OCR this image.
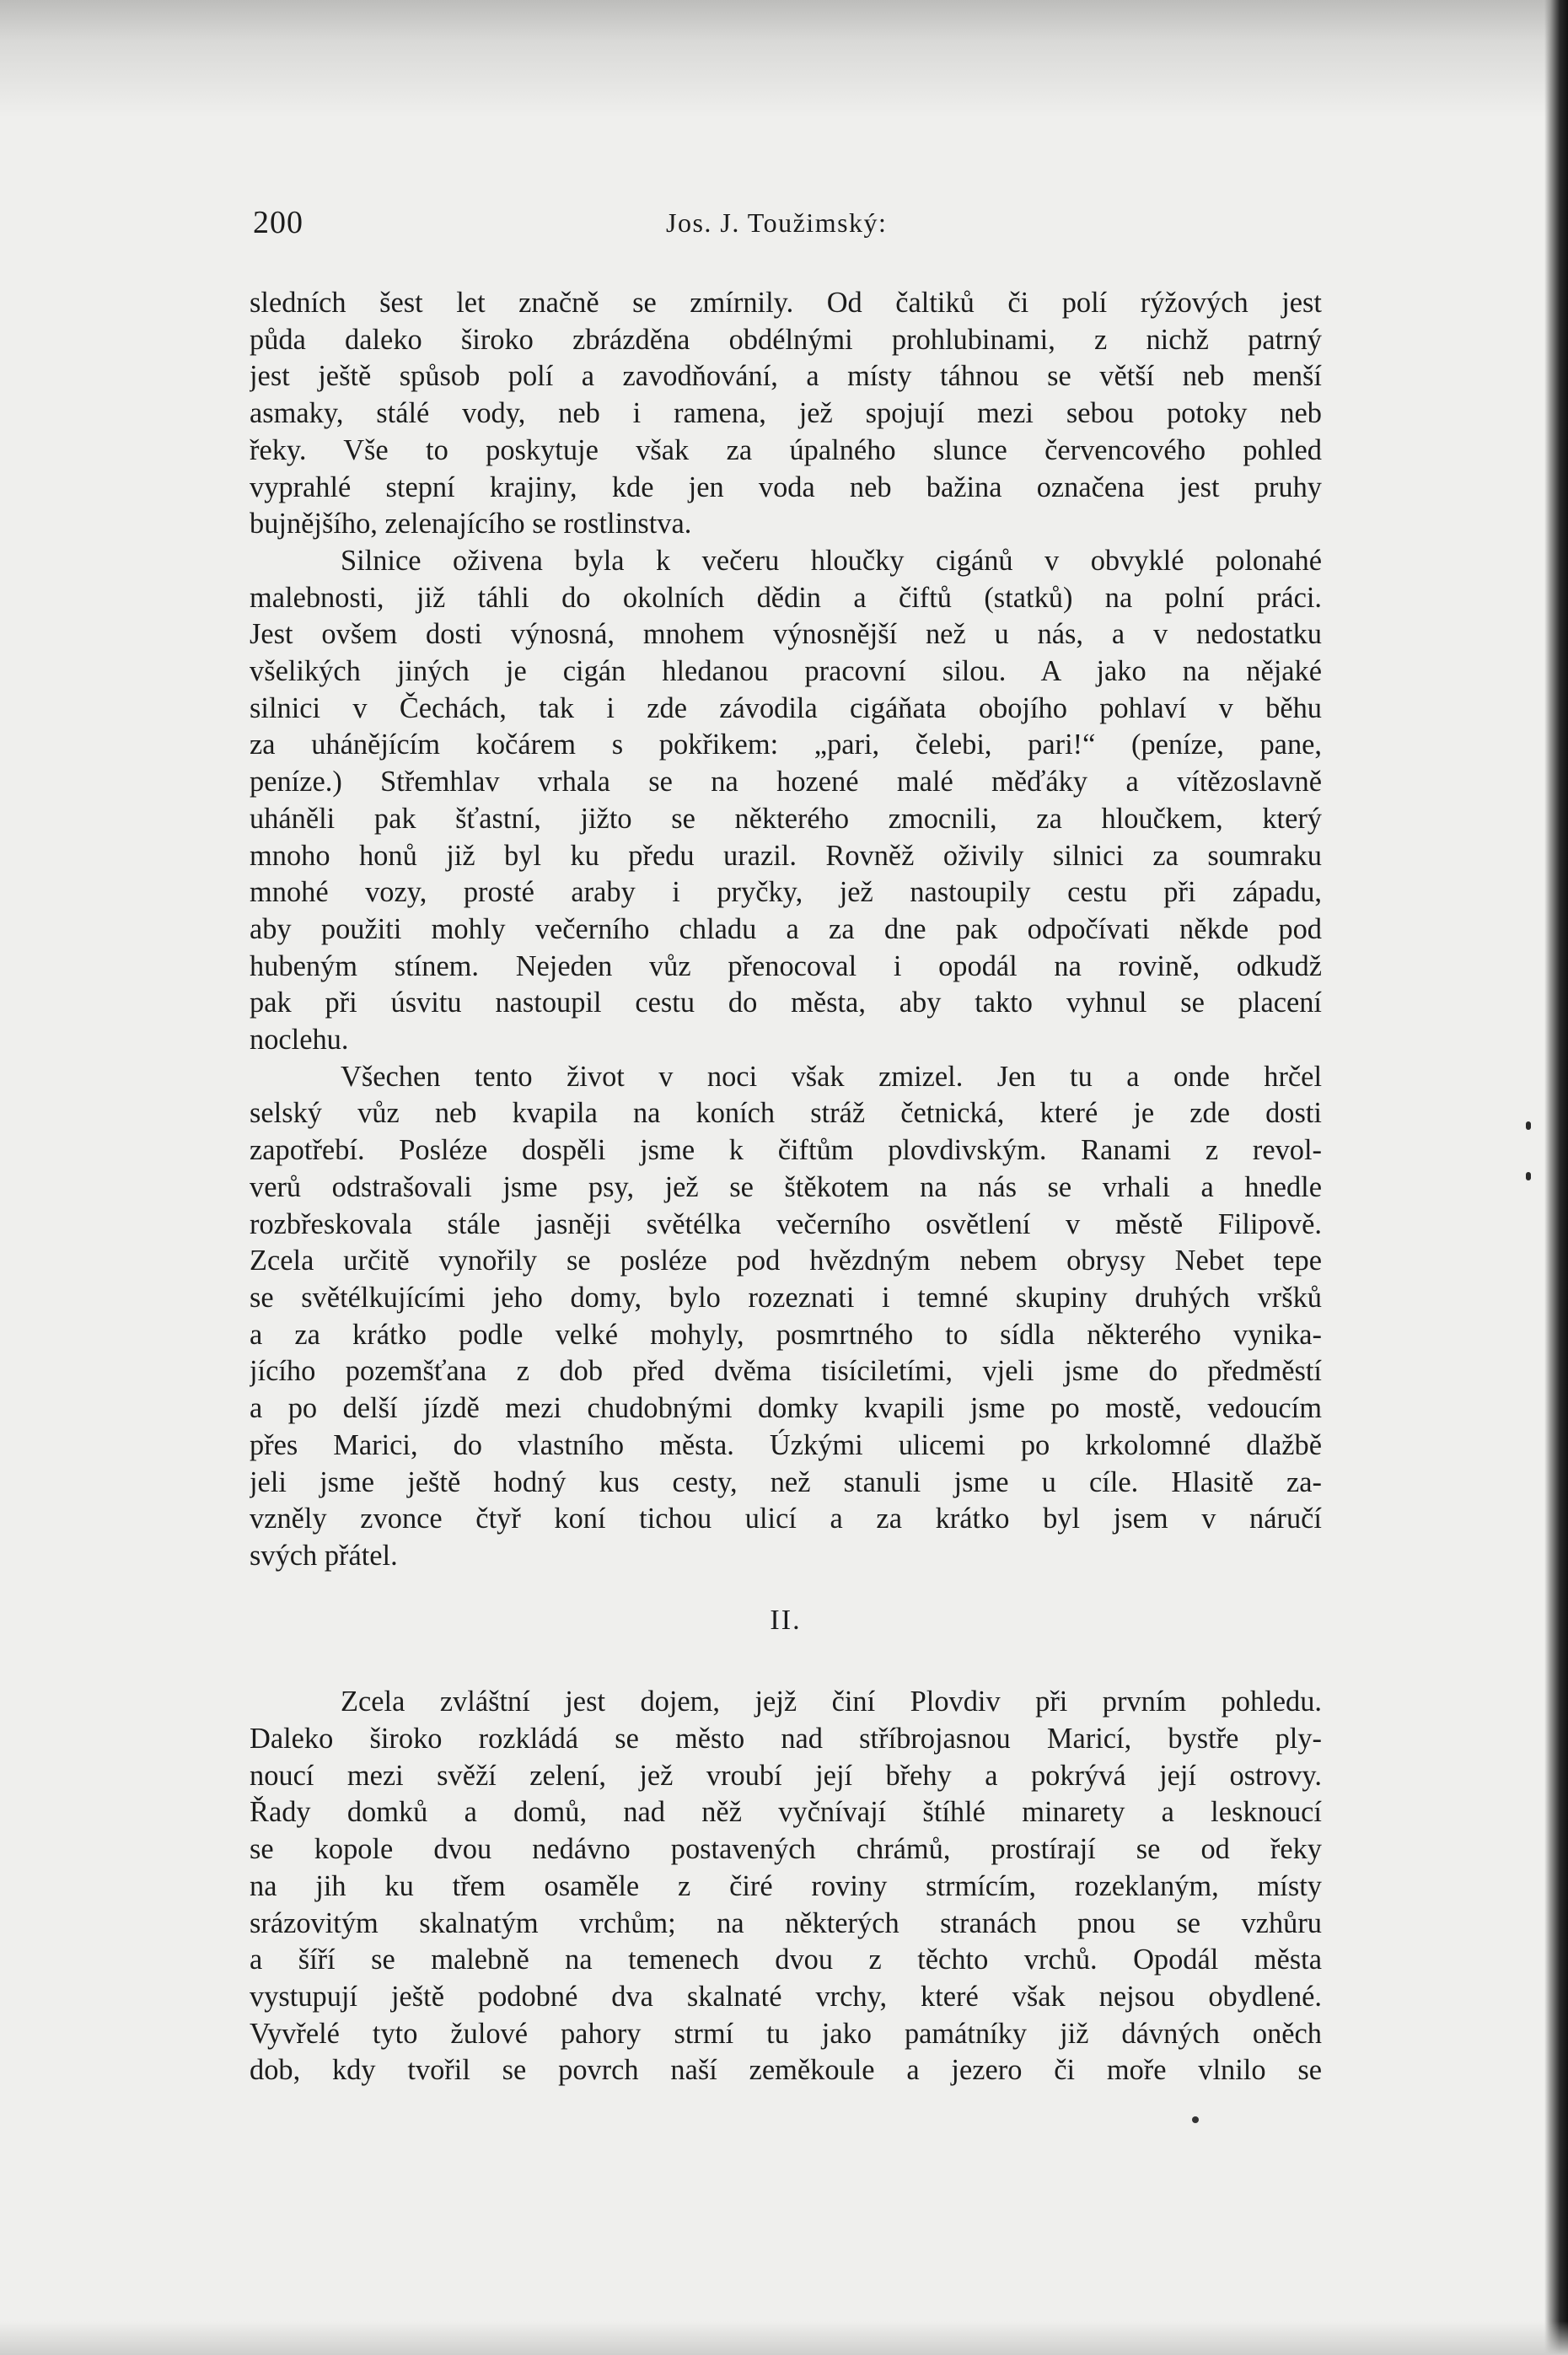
200	Jos. J. Toužimský:
sledních šest let značně se zmírnily. Od čaltiků či polí rýžových jest
půda daleko široko zbrázděna obdélnými prohlubinami, z nichž patrný
jest ještě spůsob polí a zavodňování, a místy táhnou se větší neb menší
asmaky, stálé vody, neb i ramena, jež spojují mezi sebou potoky neb
řeky. Vše to poskytuje však za úpalného slunce červencového pohled
vyprahlé stepní krajiny, kde jen voda neb bažina označena jest pruhy
bujnějšího, zelenajícího se rostlinstva.
Silnice oživena byla k večeru hloučky cigánů v obvyklé polonahé
malebnosti, již táhli do okolních dědin a čiftů (statků) na polní práci.
Jest ovšem dosti výnosná, mnohem výnosnější než u nás, a v nedostatku
všelikých jiných je cigán hledanou pracovní silou. A jako na nějaké
silnici v Čechách, tak i zde závodila cigáňata obojího pohlaví v běhu
za uhánějícím kočárem s pokřikem: „pari, čelebi, pari!“ (peníze, pane,
peníze.) Střemhlav vrhala se na hozené malé měďáky a vítězoslavně
uháněli pak šťastní, jižto se některého zmocnili, za hloučkem, který
mnoho honů již byl ku předu urazil. Rovněž oživily silnici za soumraku
mnohé vozy, prosté araby i pryčky, jež nastoupily cestu při západu,
aby použiti mohly večerního chladu a za dne pak odpočívati někde pod
hubeným stínem. Nejeden vůz přenocoval i opodál na rovině, odkudž
pak při úsvitu nastoupil cestu do města, aby takto vyhnul se placení
noclehu.
Všechen tento život v noci však zmizel. Jen tu a onde hrčel
selský vůz neb kvapila na koních stráž četnická, které je zde dosti
zapotřebí. Posléze dospěli jsme k čiftům plovdivským. Ranami z revol-
verů odstrašovali jsme psy, jež se štěkotem na nás se vrhali a hnedle
rozbřeskovala stále jasněji světélka večerního osvětlení v městě Filipově.
Zcela určitě vynořily se posléze pod hvězdným nebem obrysy Nebet tepe
se světélkujícími jeho domy, bylo rozeznati i temné skupiny druhých vršků
a za krátko podle velké mohyly, posmrtného to sídla některého vynika-
jícího pozemšťana z dob před dvěma tisíciletími, vjeli jsme do předměstí
a po delší jízdě mezi chudobnými domky kvapili jsme po mostě, vedoucím
přes Marici, do vlastního města. Úzkými ulicemi po krkolomné dlažbě
jeli jsme ještě hodný kus cesty, než stanuli jsme u cíle. Hlasitě za-
vzněly zvonce čtyř koní tichou ulicí a za krátko byl jsem v náručí
svých přátel.
II.
Zcela zvláštní jest dojem, jejž činí Plovdiv při prvním pohledu.
Daleko široko rozkládá se město nad stříbrojasnou Maricí, bystře ply-
noucí mezi svěží zelení, jež vroubí její břehy a pokrývá její ostrovy.
Řady domků a domů, nad něž vyčnívají štíhlé minarety a lesknoucí
se kopole dvou nedávno postavených chrámů, prostírají se od řeky
na jih ku třem osaměle z čiré roviny strmícím, rozeklaným, místy
srázovitým skalnatým vrchům; na některých stranách pnou se vzhůru
a šíří se malebně na temenech dvou z těchto vrchů. Opodál města
vystupují ještě podobné dva skalnaté vrchy, které však nejsou obydlené.
Vyvřelé tyto žulové pahory strmí tu jako památníky již dávných oněch
dob, kdy tvořil se povrch naší zeměkoule a jezero či moře vlnilo se
